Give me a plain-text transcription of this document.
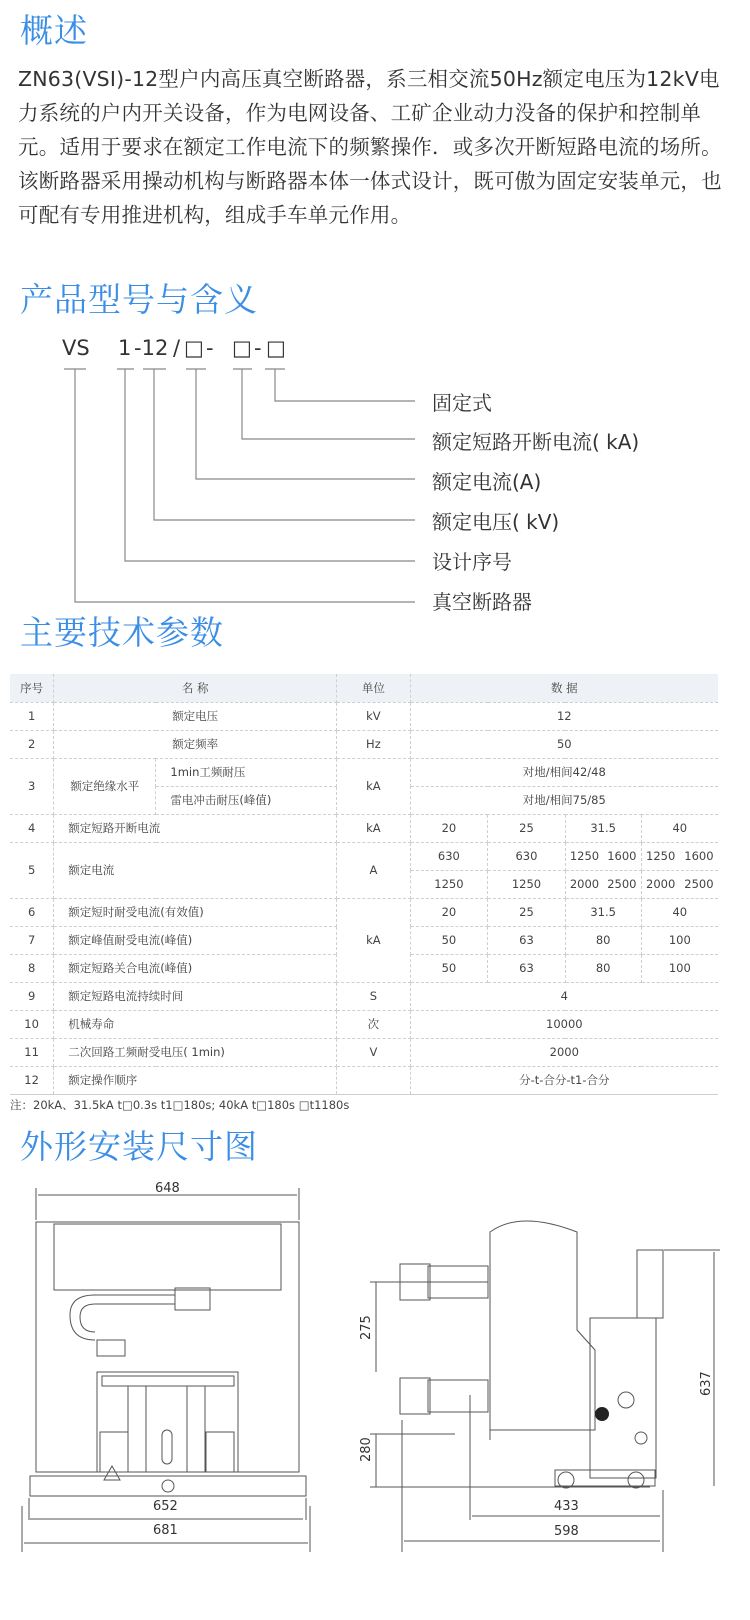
概述

ZN63(VSI)-12型户内高压真空断路器，系三相交流50Hz额定电压为12kV电力系统的户内开关设备，作为电网设备、工矿企业动力没备的保护和控制单元。适用于要求在额定工作电流下的频繁操作．或多次开断短路电流的场所。

该断路器采用操动机构与断路器本体一体式设计，既可傲为固定安装单元，也可配有专用推进机构，组成手车单元作用。

产品型号与含义
VS 1 -12 / □ - □ - □
固定式
额定短路开断电流( kA)
额定电流(A)
额定电压( kV)
设计序号
真空断路器
主要技术参数
序号	名 称		单位	数 据			
1	额定电压		kV	12			
2	额定频率		Hz	50			
3	额定绝缘水平	1min工频耐压	kA	对地/相间42/48			
		雷电冲击耐压(峰值)		对地/相间75/85			
4	额定短路开断电流		kA	20	25	31.5	40
5	额定电流		A	630	630	1250 1600	1250 1600

				1250	1250	2000 2500	2000 2500

6	额定短时耐受电流(有效值)		kA	20	25	31.5	40
7	额定峰值耐受电流(峰值)			50	63	80	100
8	额定短路关合电流(峰值)			50	63	80	100
9	额定短路电流持续时间		S	4			
10	机械寿命		次	10000			
11	二次回路工频耐受电压( 1min)		V	2000			
12	额定操作顺序			分-t-合分-t1-合分			
注：20kA、31.5kA t□0.3s t1□180s; 40kA t□180s □t1180s
外形安装尺寸图
648
652
681
275
280
637
433
598
